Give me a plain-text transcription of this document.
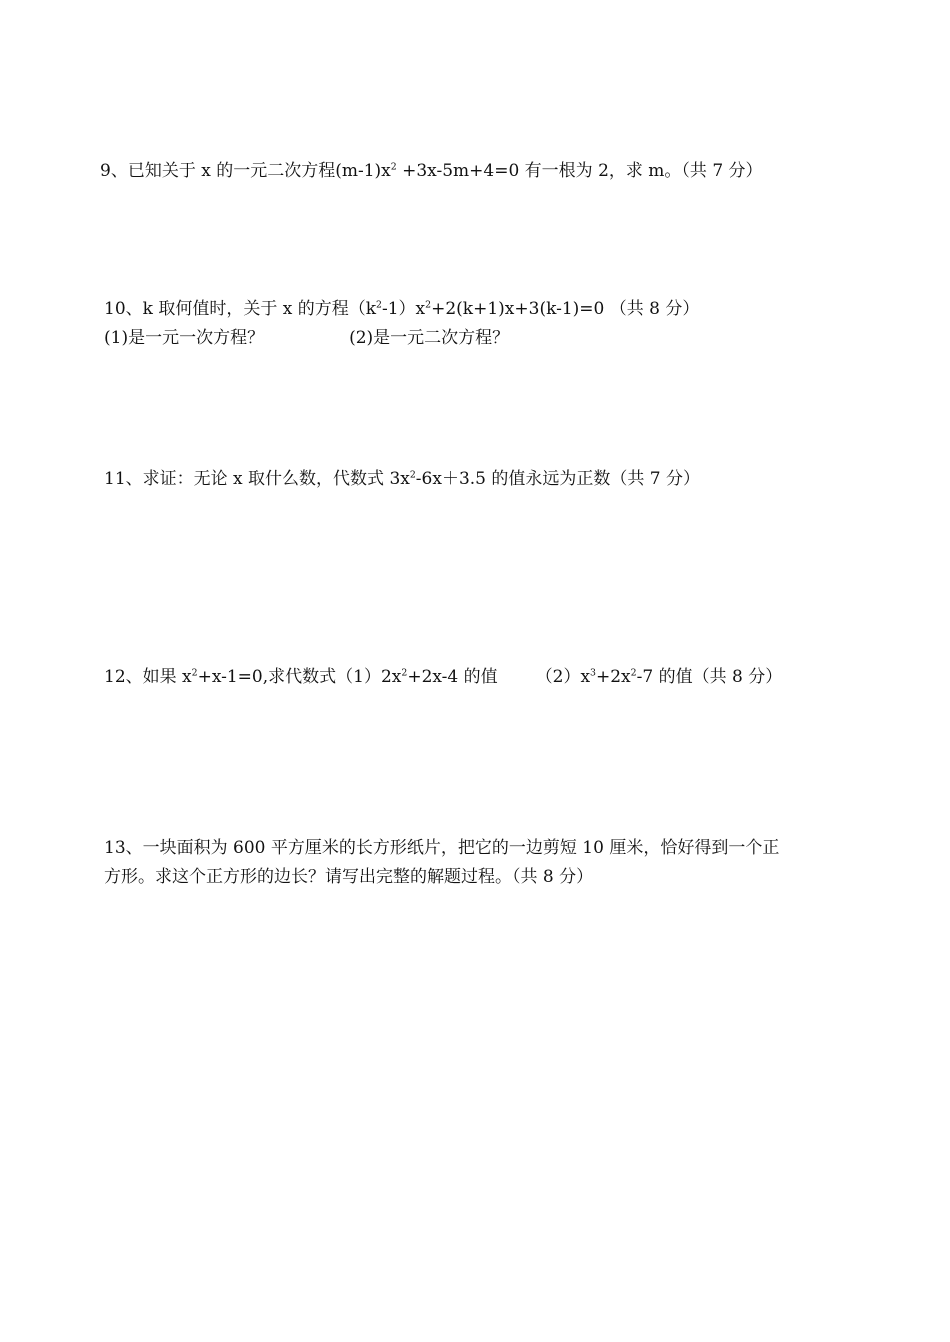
9、已知关于 x 的一元二次方程$(m-1)x^2 +3x-5m+4=0$ 有一根为 2，求 m。（共 7 分）
10、k 取何值时，关于 x 的方程$(k^2-1)x^2+2(k+1)x+3(k-1)=0$ （共 8 分）
(1)是一元一次方程？	(2)是一元二次方程？
11、求证：无论 x 取什么数，代数式 $3x^2-6x+3.5$ 的值永远为正数（共 7 分）
12、如果 $x^2+x-1=0$,求代数式$(1)2x^2+2x-4$ 的值 $(2)x^3+2x^2-7$ 的值（共 8 分）
13、一块面积为 600 平方厘米的长方形纸片，把它的一边剪短 10 厘米，恰好得到一个正
方形。求这个正方形的边长？请写出完整的解题过程。（共 8 分）
